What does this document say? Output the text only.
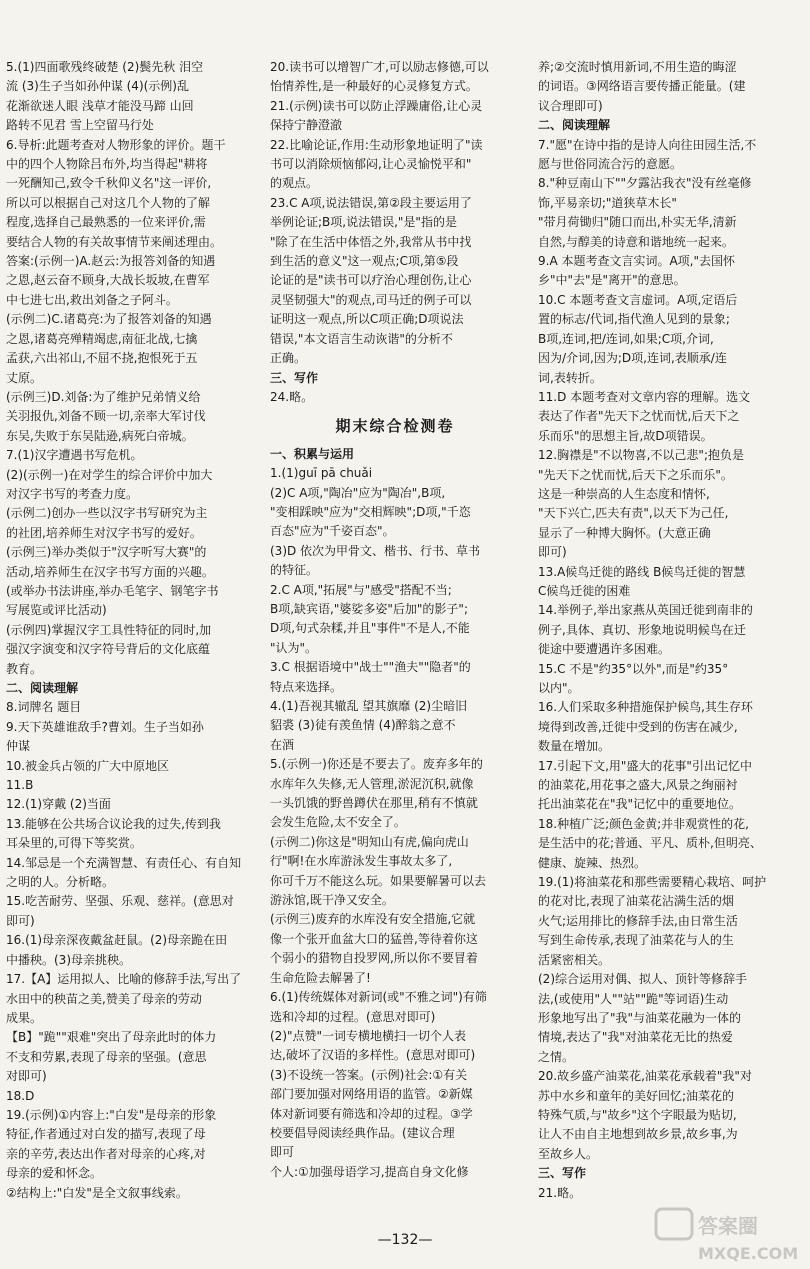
5.(1)四面歌残终破楚 (2)鬓先秋 泪空
流 (3)生子当如孙仲谋 (4)(示例)乱
花渐欲迷人眼 浅草才能没马蹄 山回
路转不见君 雪上空留马行处
6.导析:此题考查对人物形象的评价。题干
中的四个人物除吕布外,均当得起"耕将
一死酬知己,致令千秋仰义名"这一评价,
所以可以根据自己对这几个人物的了解
程度,选择自己最熟悉的一位来评价,需
要结合人物的有关故事情节来阐述理由。
答案:(示例一)A.赵云:为报答刘备的知遇
之恩,赵云奋不顾身,大战长坂坡,在曹军
中七进七出,救出刘备之子阿斗。
(示例二)C.诸葛亮:为了报答刘备的知遇
之恩,诸葛亮殚精竭虑,南征北战,七擒
孟获,六出祁山,不屈不挠,抱恨死于五
丈原。
(示例三)D.刘备:为了维护兄弟情义给
关羽报仇,刘备不顾一切,亲率大军讨伐
东吴,失败于东吴陆逊,病死白帝城。
7.(1)汉字遭遇书写危机。
(2)(示例一)在对学生的综合评价中加大
对汉字书写的考查力度。
(示例二)创办一些以汉字书写研究为主
的社团,培养师生对汉字书写的爱好。
(示例三)举办类似于"汉字听写大赛"的
活动,培养师生在汉字书写方面的兴趣。
(或举办书法讲座,举办毛笔字、钢笔字书
写展览或评比活动)
(示例四)掌握汉字工具性特征的同时,加
强汉字演变和汉字符号背后的文化底蕴
教育。
二、阅读理解
8.词牌名 题目
9.天下英雄谁敌手?曹刘。生子当如孙
仲谋
10.被金兵占领的广大中原地区
11.B
12.(1)穿戴 (2)当面
13.能够在公共场合议论我的过失,传到我
耳朵里的,可得下等奖赏。
14.邹忌是一个充满智慧、有责任心、有自知
之明的人。分析略。
15.吃苦耐劳、坚强、乐观、慈祥。(意思对
即可)
16.(1)母亲深夜戴盆赶鼠。(2)母亲跪在田
中播秧。(3)母亲挑秧。
17.【A】运用拟人、比喻的修辞手法,写出了
水田中的秧苗之美,赞美了母亲的劳动
成果。
【B】"跪""艰难"突出了母亲此时的体力
不支和劳累,表现了母亲的坚强。(意思
对即可)
18.D
19.(示例)①内容上:"白发"是母亲的形象
特征,作者通过对白发的描写,表现了母
亲的辛劳,表达出作者对母亲的心疼,对
母亲的爱和怀念。
②结构上:"白发"是全文叙事线索。
20.读书可以增智广才,可以励志修德,可以
怡情养性,是一种最好的心灵修复方式。
21.(示例)读书可以防止浮躁庸俗,让心灵
保持宁静澄澈
22.比喻论证,作用:生动形象地证明了"读
书可以消除烦恼郁闷,让心灵愉悦平和"
的观点。
23.C A项,说法错误,第②段主要运用了
举例论证;B项,说法错误,"是"指的是
"除了在生活中体悟之外,我常从书中找
到生活的意义"这一观点;C项,第⑤段
论证的是"读书可以疗治心理创伤,让心
灵坚韧强大"的观点,司马迁的例子可以
证明这一观点,所以C项正确;D项说法
错误,"本文语言生动诙谐"的分析不
正确。
三、写作
24.略。
期末综合检测卷
一、积累与运用
1.(1)guī pā chuǎi
(2)C A项,"陶冶"应为"陶冶",B项,
"变相踩映"应为"交相辉映";D项,"千恣
百态"应为"千姿百态"。
(3)D 依次为甲骨文、楷书、行书、草书
的特征。
2.C A项,"拓展"与"感受"搭配不当;
B项,缺宾语,"婆娑多姿"后加"的影子";
D项,句式杂糅,并且"事件"不是人,不能
"认为"。
3.C 根据语境中"战士""渔夫""隐者"的
特点来选择。
4.(1)吾视其辙乱 望其旗靡 (2)尘暗旧
貂裘 (3)徒有羡鱼情 (4)醉翁之意不
在酒
5.(示例一)你还是不要去了。废弃多年的
水库年久失修,无人管理,淤泥沉积,就像
一头饥饿的野兽蹲伏在那里,稍有不慎就
会发生危险,太不安全了。
(示例二)你这是"明知山有虎,偏向虎山
行"啊!在水库游泳发生事故太多了,
你可千万不能这么玩。如果要解暑可以去
游泳馆,既干净又安全。
(示例三)废弃的水库没有安全措施,它就
像一个张开血盆大口的猛兽,等待着你这
个弱小的猎物自投罗网,所以你不要冒着
生命危险去解暑了!
6.(1)传统媒体对新词(或"不雅之词")有筛
选和冷却的过程。(意思对即可)
(2)"点赞"一词专横地横扫一切个人表
达,破坏了汉语的多样性。(意思对即可)
(3)不设统一答案。(示例)社会:①有关
部门要加强对网络用语的监管。②新媒
体对新词要有筛选和冷却的过程。③学
校要倡导阅读经典作品。(建议合理
即可
个人:①加强母语学习,提高自身文化修
养;②交流时慎用新词,不用生造的晦涩
的词语。③网络语言要传播正能量。(建
议合理即可)
二、阅读理解
7."愿"在诗中指的是诗人向往田园生活,不
愿与世俗同流合污的意愿。
8."种豆南山下""夕露沾我衣"没有丝毫修
饰,平易亲切;"道狭草木长"
"带月荷锄归"随口而出,朴实无华,清新
自然,与醇美的诗意和谐地统一起来。
9.A 本题考查文言实词。A项,"去国怀
乡"中"去"是"离开"的意思。
10.C 本题考查文言虚词。A项,定语后
置的标志/代词,指代渔人见到的景象;
B项,连词,把/连词,如果;C项,介词,
因为/介词,因为;D项,连词,表顺承/连
词,表转折。
11.D 本题考查对文章内容的理解。选文
表达了作者"先天下之忧而忧,后天下之
乐而乐"的思想主旨,故D项错误。
12.胸襟是"不以物喜,不以己悲";抱负是
"先天下之忧而忧,后天下之乐而乐"。
这是一种崇高的人生态度和情怀,
"天下兴亡,匹夫有责",以天下为己任,
显示了一种博大胸怀。(大意正确
即可)
13.A候鸟迁徙的路线 B候鸟迁徙的智慧
C候鸟迁徙的困难
14.举例子,举出家燕从英国迁徙到南非的
例子,具体、真切、形象地说明候鸟在迁
徙途中要遭遇许多困难。
15.C 不是"约35°以外",而是"约35°
以内"。
16.人们采取多种措施保护候鸟,其生存环
境得到改善,迁徙中受到的伤害在减少,
数量在增加。
17.引起下文,用"盛大的花事"引出记忆中
的油菜花,用花事之盛大,风景之绚丽衬
托出油菜花在"我"记忆中的重要地位。
18.种植广泛;颜色金黄;并非观赏性的花,
是生活中的花;普通、平凡、质朴,但明亮、
健康、旋辣、热烈。
19.(1)将油菜花和那些需要精心栽培、呵护
的花对比,表现了油菜花沾满生活的烟
火气;运用排比的修辞手法,由日常生活
写到生命传承,表现了油菜花与人的生
活紧密相关。
(2)综合运用对偶、拟人、顶针等修辞手
法,(或使用"人""站""跪"等词语)生动
形象地写出了"我"与油菜花融为一体的
情境,表达了"我"对油菜花无比的热爱
之情。
20.故乡盛产油菜花,油菜花承载着"我"对
苏中水乡和童年的美好回忆;油菜花的
特殊气质,与"故乡"这个字眼最为贴切,
让人不由自主地想到故乡景,故乡事,为
至故乡人。
三、写作
21.略。
—132—
答案圈
MXQE.COM
